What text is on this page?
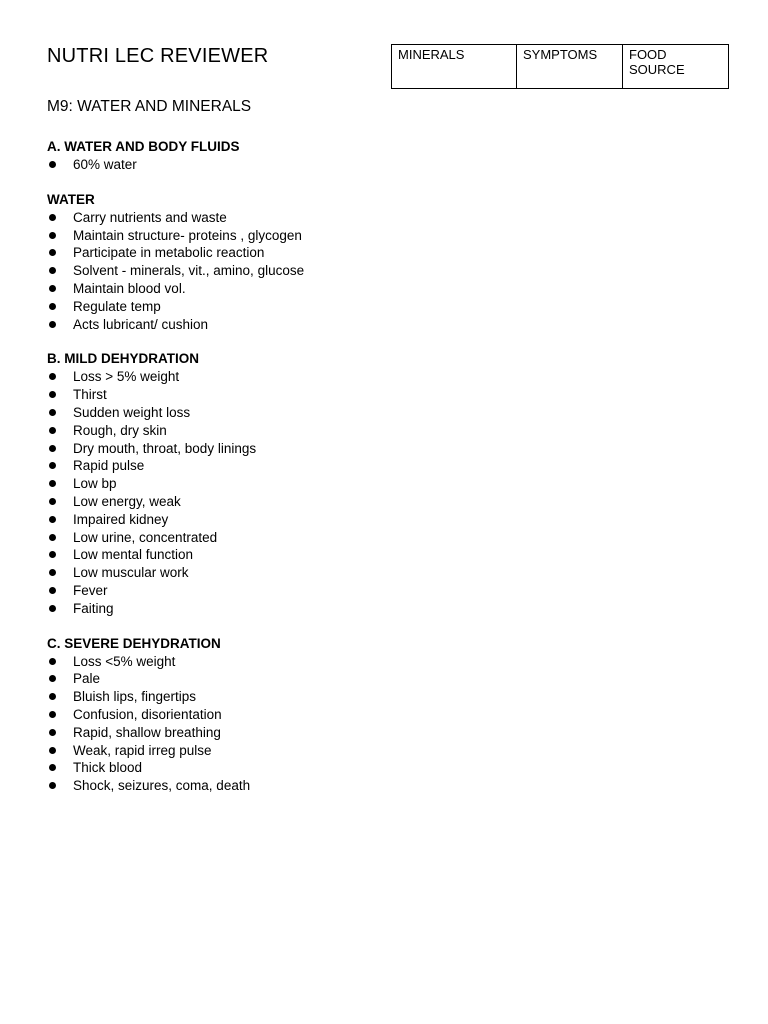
NUTRI LEC REVIEWER
M9: WATER AND MINERALS
MINERALS	SYMPTOMS	FOOD SOURCE
A. WATER AND BODY FLUIDS
60% water
WATER
Carry nutrients and waste
Maintain structure- proteins , glycogen
Participate in metabolic reaction
Solvent - minerals, vit., amino, glucose
Maintain blood vol.
Regulate temp
Acts lubricant/ cushion
B. MILD DEHYDRATION
Loss > 5% weight
Thirst
Sudden weight loss
Rough, dry skin
Dry mouth, throat, body linings
Rapid pulse
Low bp
Low energy, weak
Impaired kidney
Low urine, concentrated
Low mental function
Low muscular work
Fever
Faiting
C. SEVERE DEHYDRATION
Loss <5% weight
Pale
Bluish lips, fingertips
Confusion, disorientation
Rapid, shallow breathing
Weak, rapid irreg pulse
Thick blood
Shock, seizures, coma, death
